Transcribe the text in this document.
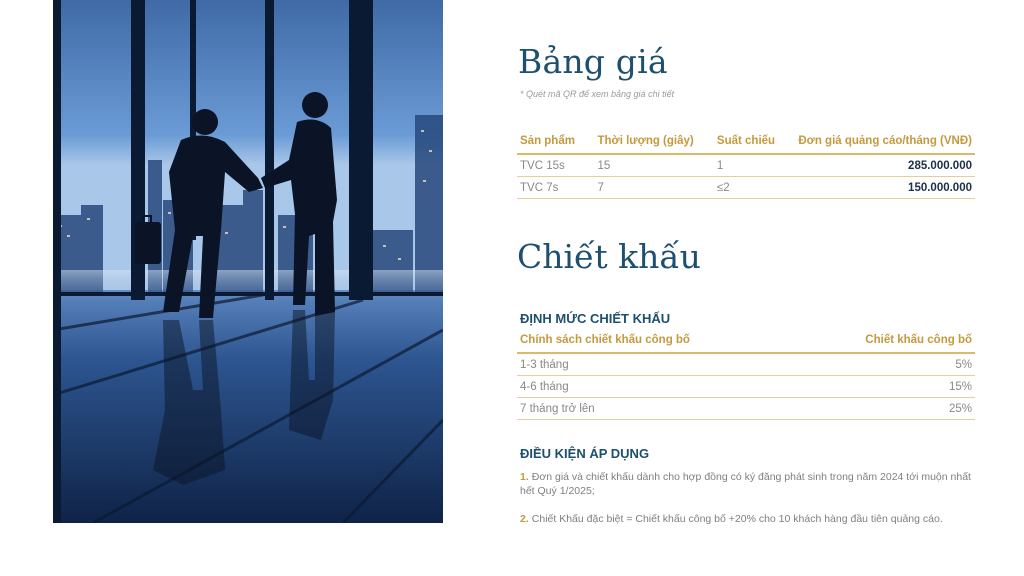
Bảng giá
* Quét mã QR để xem bảng giá chi tiết
Sản phẩm	Thời lượng (giây)	Suất chiếu	Đơn giá quảng cáo/tháng (VNĐ)
TVC 15s	15	1	285.000.000
TVC 7s	7	≤2	150.000.000
Chiết khấu
ĐỊNH MỨC CHIẾT KHẤU
Chính sách chiết khấu công bố	Chiết khấu công bố
1-3 tháng	5%
4-6 tháng	15%
7 tháng trở lên	25%
ĐIỀU KIỆN ÁP DỤNG

1. Đơn giá và chiết khấu dành cho hợp đồng có ký đăng phát sinh trong năm 2024 tới muộn nhất hết Quý 1/2025;

2. Chiết Khấu đặc biệt = Chiết khấu công bố +20% cho 10 khách hàng đầu tiên quảng cáo.
